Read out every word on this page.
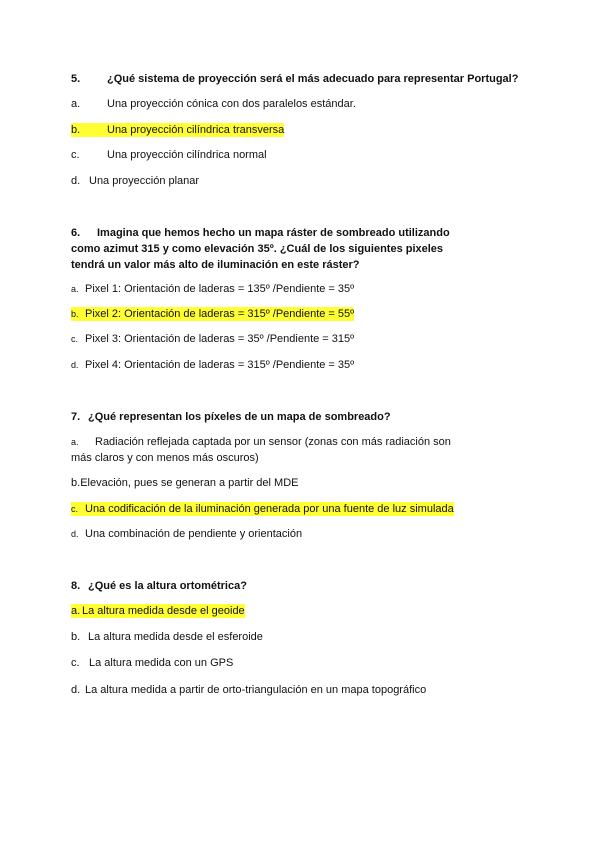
5. ¿Qué sistema de proyección será el más adecuado para representar Portugal?
a. Una proyección cónica con dos paralelos estándar.
b. Una proyección cilíndrica transversa
c. Una proyección cilíndrica normal
d. Una proyección planar
6. Imagina que hemos hecho un mapa ráster de sombreado utilizando
como azimut 315 y como elevación 35º. ¿Cuál de los siguientes pixeles
tendrá un valor más alto de iluminación en este ráster?
a. Pixel 1: Orientación de laderas = 135º /Pendiente = 35º
b. Pixel 2: Orientación de laderas = 315º /Pendiente = 55º
c. Pixel 3: Orientación de laderas = 35º /Pendiente = 315º
d. Pixel 4: Orientación de laderas = 315º /Pendiente = 35º
7. ¿Qué representan los píxeles de un mapa de sombreado?
a. Radiación reflejada captada por un sensor (zonas con más radiación son
más claros y con menos más oscuros)
b.Elevación, pues se generan a partir del MDE
c. Una codificación de la iluminación generada por una fuente de luz simulada
d. Una combinación de pendiente y orientación
8. ¿Qué es la altura ortométrica?
a. La altura medida desde el geoide
b. La altura medida desde el esferoide
c. La altura medida con un GPS
d. La altura medida a partir de orto-triangulación en un mapa topográfico
